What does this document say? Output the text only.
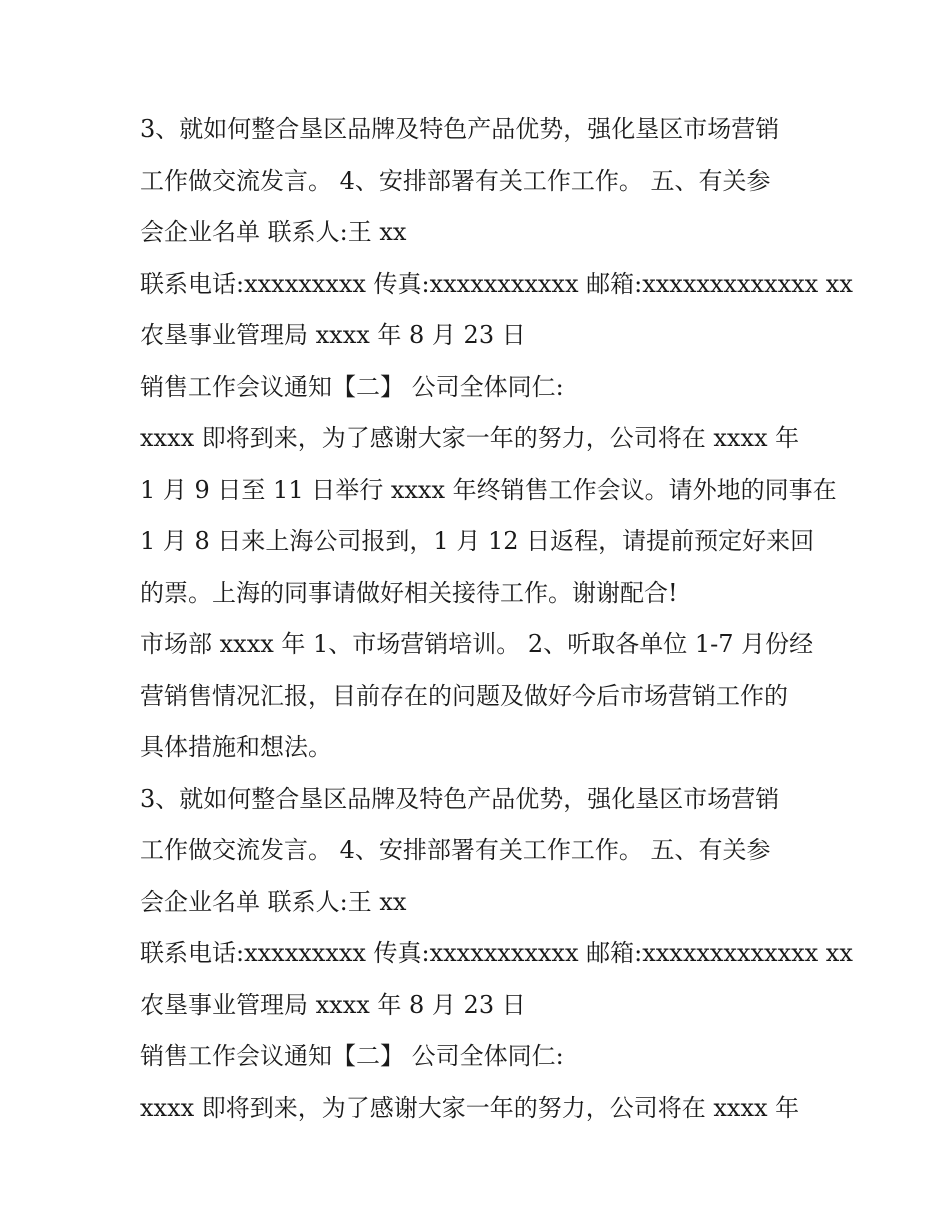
3、就如何整合垦区品牌及特色产品优势，强化垦区市场营销
工作做交流发言。 4、安排部署有关工作工作。 五、有关参
会企业名单 联系人:王 xx
联系电话:xxxxxxxxx 传真:xxxxxxxxxxx 邮箱:xxxxxxxxxxxxx xx
农垦事业管理局 xxxx 年 8 月 23 日
销售工作会议通知【二】 公司全体同仁:
xxxx 即将到来，为了感谢大家一年的努力，公司将在 xxxx 年
1 月 9 日至 11 日举行 xxxx 年终销售工作会议。请外地的同事在
1 月 8 日来上海公司报到，1 月 12 日返程，请提前预定好来回
的票。上海的同事请做好相关接待工作。谢谢配合!
市场部 xxxx 年 1、市场营销培训。 2、听取各单位 1-7 月份经
营销售情况汇报，目前存在的问题及做好今后市场营销工作的
具体措施和想法。
3、就如何整合垦区品牌及特色产品优势，强化垦区市场营销
工作做交流发言。 4、安排部署有关工作工作。 五、有关参
会企业名单 联系人:王 xx
联系电话:xxxxxxxxx 传真:xxxxxxxxxxx 邮箱:xxxxxxxxxxxxx xx
农垦事业管理局 xxxx 年 8 月 23 日
销售工作会议通知【二】 公司全体同仁:
xxxx 即将到来，为了感谢大家一年的努力，公司将在 xxxx 年
